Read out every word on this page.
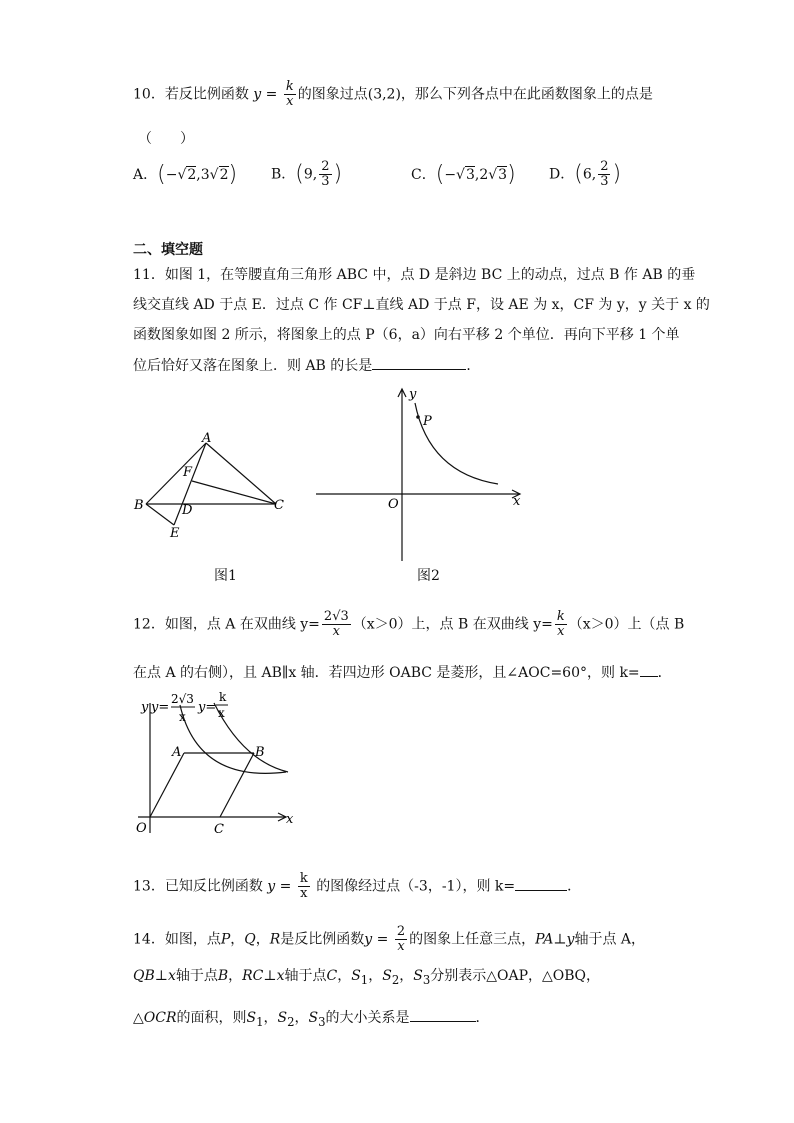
10．若反比例函数 $y = \frac{k}{x}$ 的图象过点(3,2)，那么下列各点中在此函数图象上的点是
（　　）
A．(−√2,3√2) B．(9, $\frac{2}{3}$ )	C．(−√3,2√3) D．(6, $\frac{2}{3}$ )
二、填空题
11．如图 1，在等腰直角三角形 ABC 中，点 D 是斜边 BC 上的动点，过点 B 作 AB 的垂
线交直线 AD 于点 E．过点 C 作 CF⊥直线 AD 于点 F，设 AE 为 x，CF 为 y，y 关于 x 的
函数图象如图 2 所示，将图象上的点 P（6，a）向右平移 2 个单位．再向下平移 1 个单
位后恰好又落在图象上．则 AB 的长是	．
A
B	C
D
E
F
图1
y
x
O
P
图2
12．如图，点 A 在双曲线 $y= \frac{2√3}{x} (x>0)$上，点 B 在双曲线 $y= \frac{k}{x} (x>0)$上（点 B
在点 A 的右侧），且 AB∥x 轴．若四边形 OABC 是菱形，且∠AOC=60°，则 k= ．
y y=
2√3
x
y=
k
x
A	B
O	C
x
13．已知反比例函数 $y = \frac{k}{x}$ 的图像经过点（-3，-1），则 k=	．
14．如图，点P，Q，R是反比例函数$y = \frac{2}{x}$ 的图象上任意三点，PA⊥y轴于点 A，
QB⊥x轴于点B，RC⊥x轴于点C，$S_1$，$S_2$，$S_3$分别表示△OAP，△OBQ，
△OCR的面积，则$S_1$，$S_2$，$S_3$的大小关系是	．
